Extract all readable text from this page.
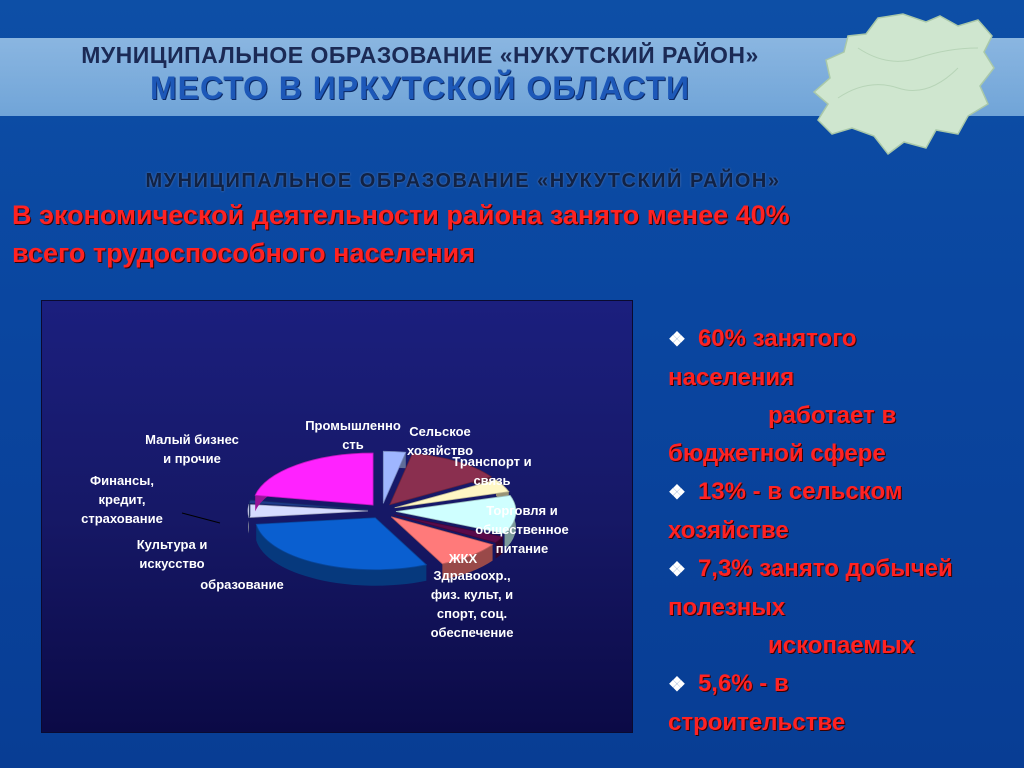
МУНИЦИПАЛЬНОЕ ОБРАЗОВАНИЕ «НУКУТСКИЙ РАЙОН»
МЕСТО В ИРКУТСКОЙ ОБЛАСТИ
МУНИЦИПАЛЬНОЕ ОБРАЗОВАНИЕ «НУКУТСКИЙ РАЙОН»
В экономической деятельности района занято менее 40%
всего трудоспособного населения
Промышленно
сть
Сельское
хозяйство
Транспорт и
связь
Торговля и
общественное
питание
ЖКХ
Здравоохр.,
физ. культ, и
спорт, соц.
обеспечение
образование
Культура и
искусство
Финансы,
кредит,
страхование
Малый бизнес
и прочие
❖ 60% занятого
населения
работает в
бюджетной сфере
❖ 13% - в сельском
хозяйстве
❖ 7,3% занято добычей
полезных
ископаемых
❖ 5,6% - в
строительстве
